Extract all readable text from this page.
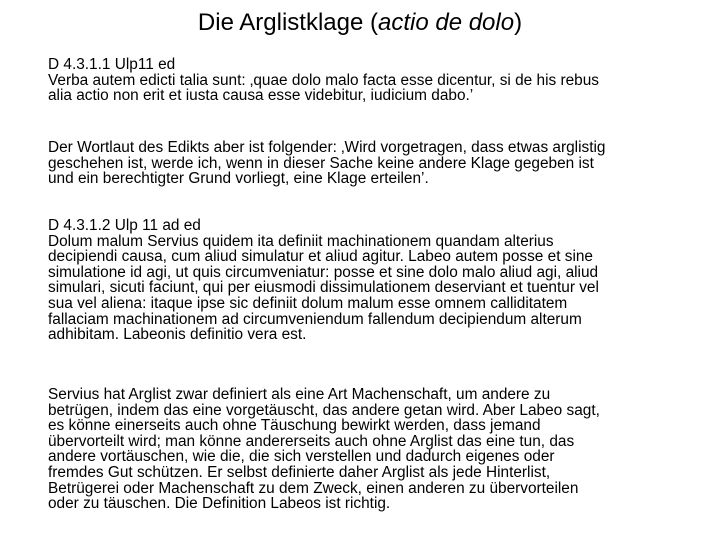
Die Arglistklage (actio de dolo)
D 4.3.1.1 Ulp11 ed
Verba autem edicti talia sunt: ‚quae dolo malo facta esse dicentur, si de his rebus
alia actio non erit et iusta causa esse videbitur, iudicium dabo.’
Der Wortlaut des Edikts aber ist folgender: ‚Wird vorgetragen, dass etwas arglistig
geschehen ist, werde ich, wenn in dieser Sache keine andere Klage gegeben ist
und ein berechtigter Grund vorliegt, eine Klage erteilen’.
D 4.3.1.2 Ulp 11 ad ed
Dolum malum Servius quidem ita definiit machinationem quandam alterius
decipiendi causa, cum aliud simulatur et aliud agitur. Labeo autem posse et sine
simulatione id agi, ut quis circumveniatur: posse et sine dolo malo aliud agi, aliud
simulari, sicuti faciunt, qui per eiusmodi dissimulationem deserviant et tuentur vel
sua vel aliena: itaque ipse sic definiit dolum malum esse omnem calliditatem
fallaciam machinationem ad circumveniendum fallendum decipiendum alterum
adhibitam. Labeonis definitio vera est.
Servius hat Arglist zwar definiert als eine Art Machenschaft, um andere zu
betrügen, indem das eine vorgetäuscht, das andere getan wird. Aber Labeo sagt,
es könne einerseits auch ohne Täuschung bewirkt werden, dass jemand
übervorteilt wird; man könne andererseits auch ohne Arglist das eine tun, das
andere vortäuschen, wie die, die sich verstellen und dadurch eigenes oder
fremdes Gut schützen. Er selbst definierte daher Arglist als jede Hinterlist,
Betrügerei oder Machenschaft zu dem Zweck, einen anderen zu übervorteilen
oder zu täuschen. Die Definition Labeos ist richtig.
